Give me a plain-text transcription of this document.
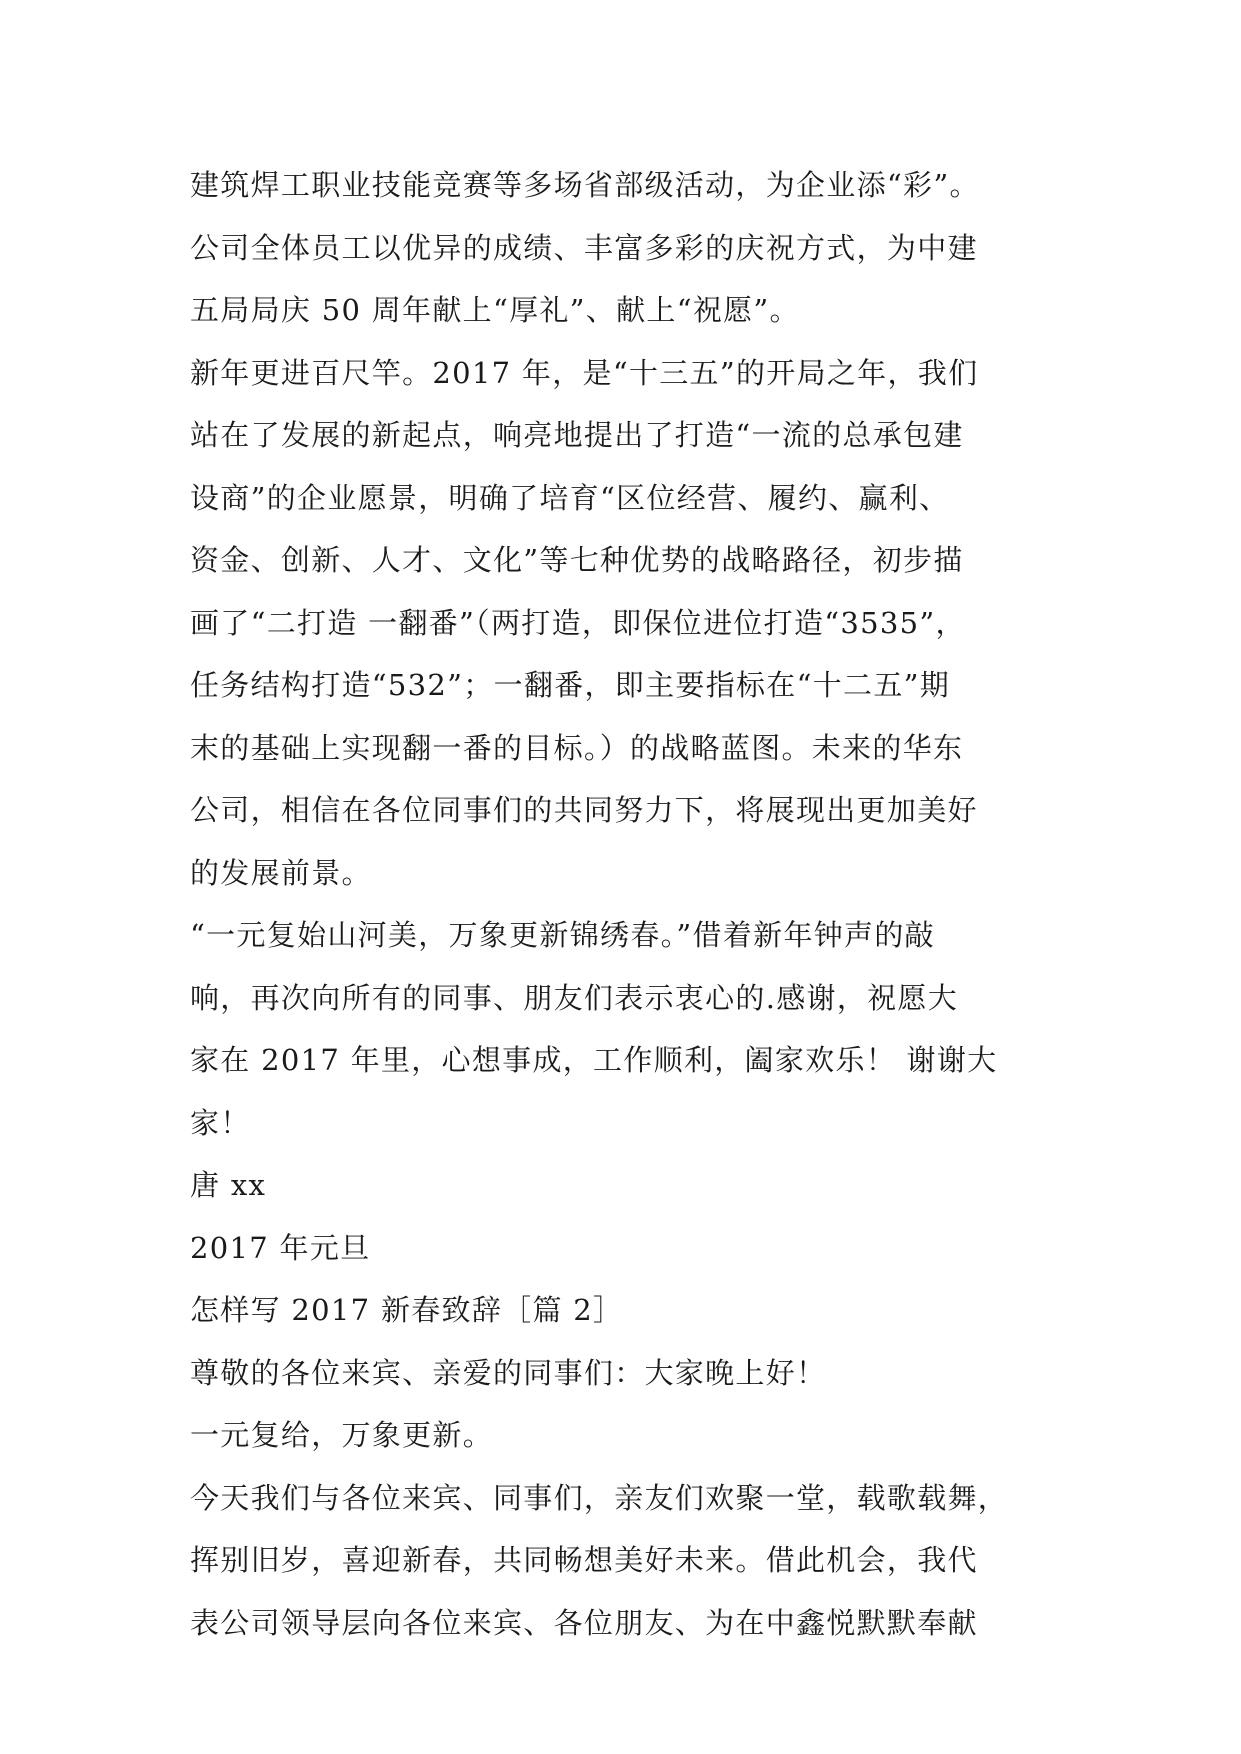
建筑焊工职业技能竞赛等多场省部级活动，为企业添“彩”。
公司全体员工以优异的成绩、丰富多彩的庆祝方式，为中建
五局局庆 50 周年献上“厚礼”、献上“祝愿”。
新年更进百尺竿。2017 年，是“十三五”的开局之年，我们
站在了发展的新起点，响亮地提出了打造“一流的总承包建
设商”的企业愿景，明确了培育“区位经营、履约、赢利、
资金、创新、人才、文化”等七种优势的战略路径，初步描
画了“二打造 一翻番”（两打造，即保位进位打造“3535”，
任务结构打造“532”；一翻番，即主要指标在“十二五”期
末的基础上实现翻一番的目标。）的战略蓝图。未来的华东
公司，相信在各位同事们的共同努力下，将展现出更加美好
的发展前景。
“一元复始山河美，万象更新锦绣春。”借着新年钟声的敲
响，再次向所有的同事、朋友们表示衷心的.感谢，祝愿大
家在 2017 年里，心想事成，工作顺利，阖家欢乐！ 谢谢大
家！
唐 xx
2017 年元旦
怎样写 2017 新春致辞［篇 2］
尊敬的各位来宾、亲爱的同事们：大家晚上好！
一元复给，万象更新。
今天我们与各位来宾、同事们，亲友们欢聚一堂，载歌载舞，
挥别旧岁，喜迎新春，共同畅想美好未来。借此机会，我代
表公司领导层向各位来宾、各位朋友、为在中鑫悦默默奉献
